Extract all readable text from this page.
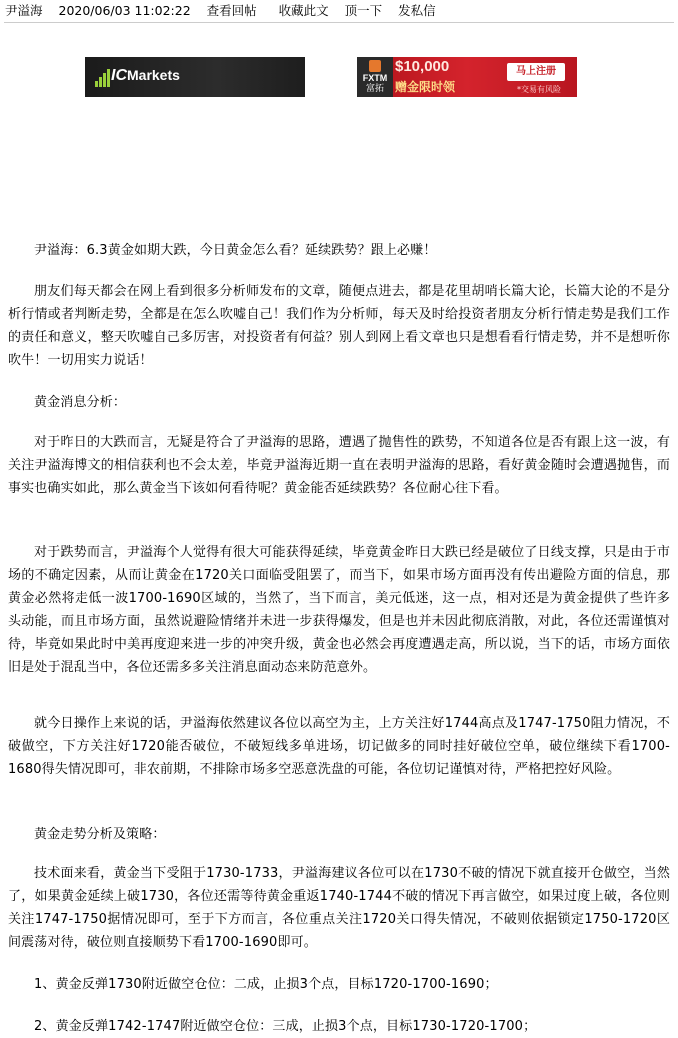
尹溢海 2020/06/03 11:02:22 查看回帖 收藏此文 顶一下 发私信
ICMarkets	FXTM
富拓
$10,000
赠金限时领
马上注册
*交易有风险

尹溢海：6.3黄金如期大跌，今日黄金怎么看？延续跌势？跟上必赚！

朋友们每天都会在网上看到很多分析师发布的文章，随便点进去，都是花里胡哨长篇大论，长篇大论的不是分析行情或者判断走势，全都是在怎么吹嘘自己！我们作为分析师，每天及时给投资者朋友分析行情走势是我们工作的责任和意义，整天吹嘘自己多厉害，对投资者有何益？别人到网上看文章也只是想看看行情走势，并不是想听你吹牛！一切用实力说话！

黄金消息分析：

对于昨日的大跌而言，无疑是符合了尹溢海的思路，遭遇了抛售性的跌势，不知道各位是否有跟上这一波，有关注尹溢海博文的相信获利也不会太差，毕竟尹溢海近期一直在表明尹溢海的思路，看好黄金随时会遭遇抛售，而事实也确实如此，那么黄金当下该如何看待呢？黄金能否延续跌势？各位耐心往下看。

对于跌势而言，尹溢海个人觉得有很大可能获得延续，毕竟黄金昨日大跌已经是破位了日线支撑，只是由于市场的不确定因素，从而让黄金在1720关口面临受阻罢了，而当下，如果市场方面再没有传出避险方面的信息，那黄金必然将走低一波1700-1690区域的，当然了，当下而言，美元低迷，这一点，相对还是为黄金提供了些许多头动能，而且市场方面，虽然说避险情绪并未进一步获得爆发，但是也并未因此彻底消散，对此，各位还需谨慎对待，毕竟如果此时中美再度迎来进一步的冲突升级，黄金也必然会再度遭遇走高，所以说，当下的话，市场方面依旧是处于混乱当中，各位还需多多关注消息面动态来防范意外。

就今日操作上来说的话，尹溢海依然建议各位以高空为主，上方关注好1744高点及1747-1750阻力情况，不破做空，下方关注好1720能否破位，不破短线多单进场，切记做多的同时挂好破位空单，破位继续下看1700-1680得失情况即可，非农前期，不排除市场多空恶意洗盘的可能，各位切记谨慎对待，严格把控好风险。

黄金走势分析及策略：

技术面来看，黄金当下受阻于1730-1733，尹溢海建议各位可以在1730不破的情况下就直接开仓做空，当然了，如果黄金延续上破1730，各位还需等待黄金重返1740-1744不破的情况下再言做空，如果过度上破，各位则关注1747-1750据情况即可，至于下方而言，各位重点关注1720关口得失情况，不破则依据锁定1750-1720区间震荡对待，破位则直接顺势下看1700-1690即可。

1、黄金反弹1730附近做空仓位：二成，止损3个点，目标1720-1700-1690；

2、黄金反弹1742-1747附近做空仓位：三成，止损3个点，目标1730-1720-1700；
